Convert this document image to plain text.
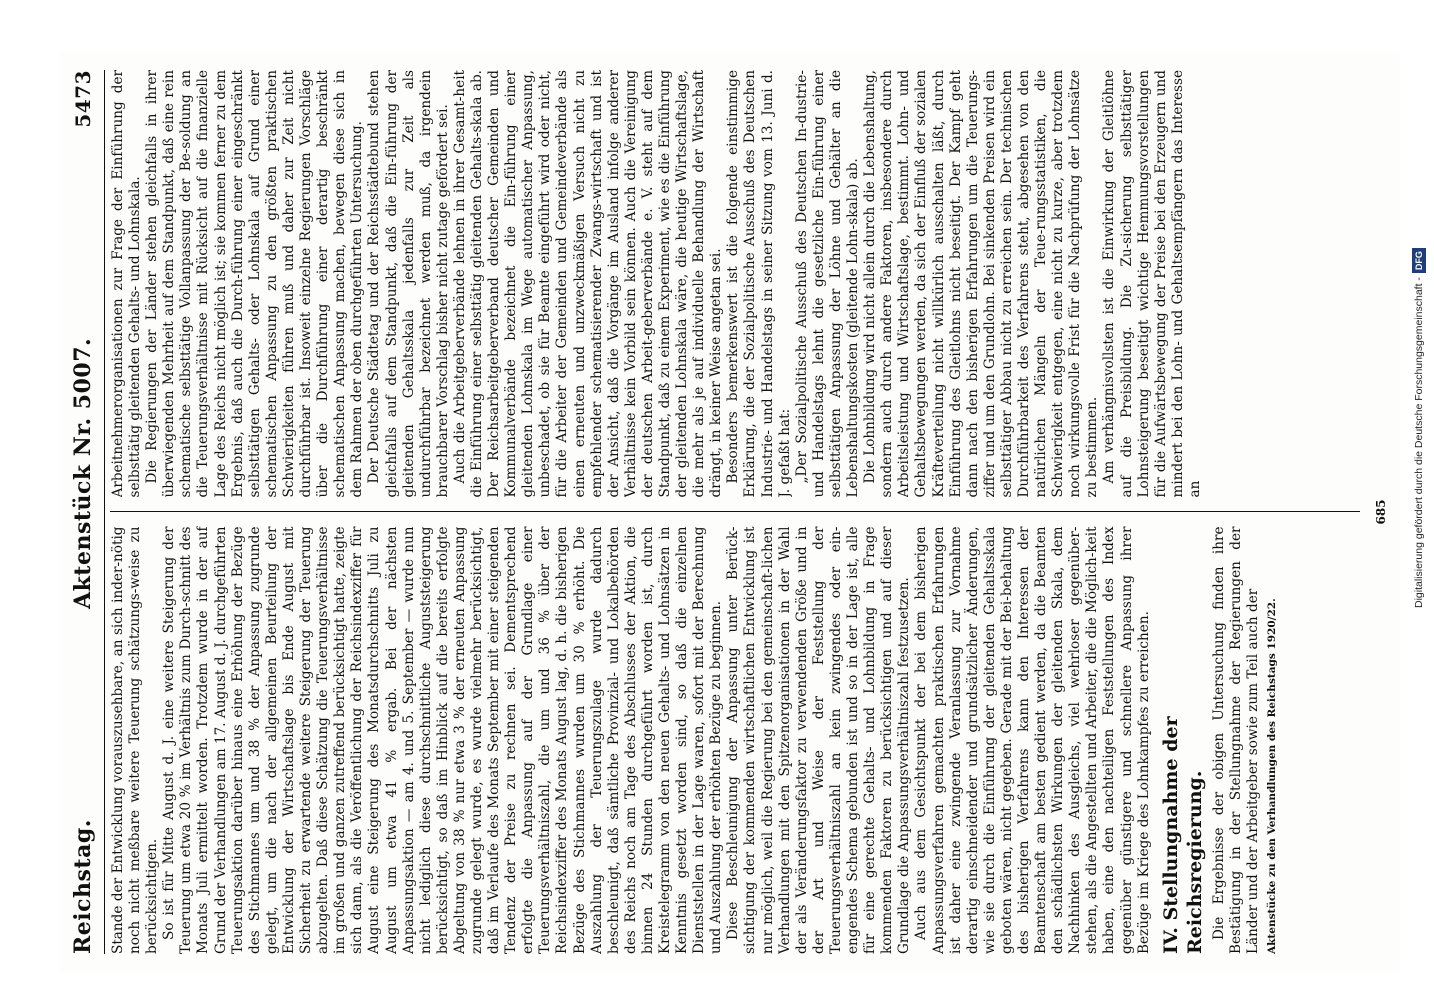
Reichstag.
Aktenstück Nr. 5007.
5473

Stande der Entwicklung vorauszusehbare, an sich inder-nötig noch nicht meßbare weitere Teuerung schätzungs-weise zu berücksichtigen. So ist für Mitte August d. J. eine weitere Steigerung der Teuerung um etwa 20 % im Verhältnis zum Durch-schnitt des Monats Juli ermittelt worden. Trotzdem wurde in der auf Grund der Verhandlungen am 17. August d. J. durchgeführten Teuerungsaktion darüber hinaus eine Erhöhung der Bezüge des Stichmannes um und 38 % der Anpassung zugrunde gelegt, um die nach der allgemeinen Beurteilung der Entwicklung der Wirtschaftslage bis Ende August mit Sicherheit zu erwartende weitere Steigerung der Teuerung abzugelten. Daß diese Schätzung die Teuerungsverhältnisse im großen und ganzen zutreffend berücksichtigt hatte, zeigte sich dann, als die Veröffentlichung der Reichsindexziffer für August eine Steigerung des Monatsdurchschnitts Juli zu August um etwa 41 % ergab. Bei der nächsten Anpassungsaktion — am 4. und 5. September — wurde nun nicht lediglich diese durchschnittliche Auguststeigerung berücksichtigt, so daß im Hinblick auf die bereits erfolgte Abgeltung von 38 % nur etwa 3 % der erneuten Anpassung zugrunde gelegt wurde, es wurde vielmehr berücksichtigt, daß im Verlaufe des Monats September mit einer steigenden Tendenz der Preise zu rechnen sei. Dementsprechend erfolgte die Anpassung auf der Grundlage einer Teuerungsverhältniszahl, die um und 36 % über der Reichsindexziffer des Monats August lag, d. h. die bisherigen Bezüge des Stichmannes wurden um 30 % erhöht. Die Auszahlung der Teuerungszulage wurde dadurch beschleunigt, daß sämtliche Provinzial- und Lokalbehörden des Reichs noch am Tage des Abschlusses der Aktion, die binnen 24 Stunden durchgeführt worden ist, durch Kreistelegramm von den neuen Gehalts- und Lohnsätzen in Kenntnis gesetzt worden sind, so daß die einzelnen Dienststellen in der Lage waren, sofort mit der Berechnung und Auszahlung der erhöhten Bezüge zu beginnen. Diese Beschleunigung der Anpassung unter Berück-sichtigung der kommenden wirtschaftlichen Entwicklung ist nur möglich, weil die Regierung bei den gemeinschaft-lichen Verhandlungen mit den Spitzenorganisationen in der Wahl der als Veränderungsfaktor zu verwendenden Größe und in der Art und Weise der Feststellung der Teuerungsverhältniszahl an kein zwingendes oder ein-engendes Schema gebunden ist und so in der Lage ist, alle für eine gerechte Gehalts- und Lohnbildung in Frage kommenden Faktoren zu berücksichtigen und auf dieser Grundlage die Anpassungsverhältniszahl festzusetzen. Auch aus dem Gesichtspunkt der bei dem bisherigen Anpassungsverfahren gemachten praktischen Erfahrungen ist daher eine zwingende Veranlassung zur Vornahme derartig einschneidender und grundsätzlicher Änderungen, wie sie durch die Einführung der gleitenden Gehaltsskala geboten wären, nicht gegeben. Gerade mit der Bei-behaltung des bisherigen Verfahrens kann den Interessen der Beamtenschaft am besten gedient werden, da die Beamten den schädlichsten Wirkungen der gleitenden Skala, dem Nachhinken des Ausgleichs, viel wehrloser gegenüber-stehen, als die Angestellten und Arbeiter, die die Möglich-keit haben, eine den nachteiligen Feststellungen des Index gegenüber günstigere und schnellere Anpassung ihrer Bezüge im Kriege des Lohnkampfes zu erreichen. IV. Stellungnahme der Reichsregierung. Die Ergebnisse der obigen Untersuchung finden ihre Bestätigung in der Stellungnahme der Regierungen der Länder und der Arbeitgeber sowie zum Teil auch der Aktenstücke zu den Verhandlungen des Reichstags 1920/22.

Arbeitnehmerorganisationen zur Frage der Einführung der selbsttätig gleitenden Gehalts- und Lohnskala. Die Regierungen der Länder stehen gleichfalls in ihrer überwiegenden Mehrheit auf dem Standpunkt, daß eine rein schematische selbsttätige Vollanpassung der Be-soldung an die Teuerungsverhältnisse mit Rücksicht auf die finanzielle Lage des Reichs nicht möglich ist; sie kommen ferner zu dem Ergebnis, daß auch die Durch-führung einer eingeschränkt selbsttätigen Gehalts- oder Lohnskala auf Grund einer schematischen Anpassung zu den größten praktischen Schwierigkeiten führen muß und daher zur Zeit nicht durchführbar ist. Insoweit einzelne Regierungen Vorschläge über die Durchführung einer derartig beschränkt schematischen Anpassung machen, bewegen diese sich in dem Rahmen der oben durchgeführten Untersuchung. Der Deutsche Städtetag und der Reichsstädtebund stehen gleichfalls auf dem Standpunkt, daß die Ein-führung der gleitenden Gehaltsskala jedenfalls zur Zeit als undurchführbar bezeichnet werden muß, da irgendein brauchbarer Vorschlag bisher nicht zutage gefördert sei. Auch die Arbeitgeberverbände lehnen in ihrer Gesamt-heit die Einführung einer selbsttätig gleitenden Gehalts-skala ab. Der Reichsarbeitgeberverband deutscher Gemeinden und Kommunalverbände bezeichnet die Ein-führung einer gleitenden Lohnskala im Wege automatischer Anpassung, unbeschadet, ob sie für Beamte eingeführt wird oder nicht, für die Arbeiter der Gemeinden und Gemeindeverbände als einen erneuten und unzweckmäßigen Versuch nicht zu empfehlender schematisierender Zwangs-wirtschaft und ist der Ansicht, daß die Vorgänge im Ausland infolge anderer Verhältnisse kein Vorbild sein können. Auch die Vereinigung der deutschen Arbeit-geberverbände e. V. steht auf dem Standpunkt, daß zu einem Experiment, wie es die Einführung der gleitenden Lohnskala wäre, die heutige Wirtschaftslage, die mehr als je auf individuelle Behandlung der Wirtschaft drängt, in keiner Weise angetan sei. Besonders bemerkenswert ist die folgende einstimmige Erklärung, die der Sozialpolitische Ausschuß des Deutschen Industrie- und Handelstags in seiner Sitzung vom 13. Juni d. J. gefaßt hat: „Der Sozialpolitische Ausschuß des Deutschen In-dustrie- und Handelstags lehnt die gesetzliche Ein-führung einer selbsttätigen Anpassung der Löhne und Gehälter an die Lebenshaltungskosten (gleitende Lohn-skala) ab. Die Lohnbildung wird nicht allein durch die Lebenshaltung, sondern auch durch andere Faktoren, insbesondere durch Arbeitsleistung und Wirtschaftslage, bestimmt. Lohn- und Gehaltsbewegungen werden, da sich der Einfluß der sozialen Kräfteverteilung nicht willkürlich ausschalten läßt, durch Einführung des Gleitlohns nicht beseitigt. Der Kampf geht dann nach den bisherigen Erfahrungen um die Teuerungs-ziffer und um den Grundlohn. Bei sinkenden Preisen wird ein selbsttätiger Abbau nicht zu erreichen sein. Der technischen Durchführbarkeit des Verfahrens steht, abgesehen von den natürlichen Mängeln der Teue-rungsstatistiken, die Schwierigkeit entgegen, eine nicht zu kurze, aber trotzdem noch wirkungsvolle Frist für die Nachprüfung der Lohnsätze zu bestimmen. Am verhängnisvollsten ist die Einwirkung der Gleitlöhne auf die Preisbildung. Die Zu-sicherung selbsttätiger Lohnsteigerung beseitigt wichtige Hemmungsvorstellungen für die Aufwärtsbewegung der Preise bei den Erzeugern und mindert bei den Lohn- und Gehaltsempfängern das Interesse an

685 Digitalisierung gefördert durch die Deutsche Forschungsgemeinschaft -DFG
